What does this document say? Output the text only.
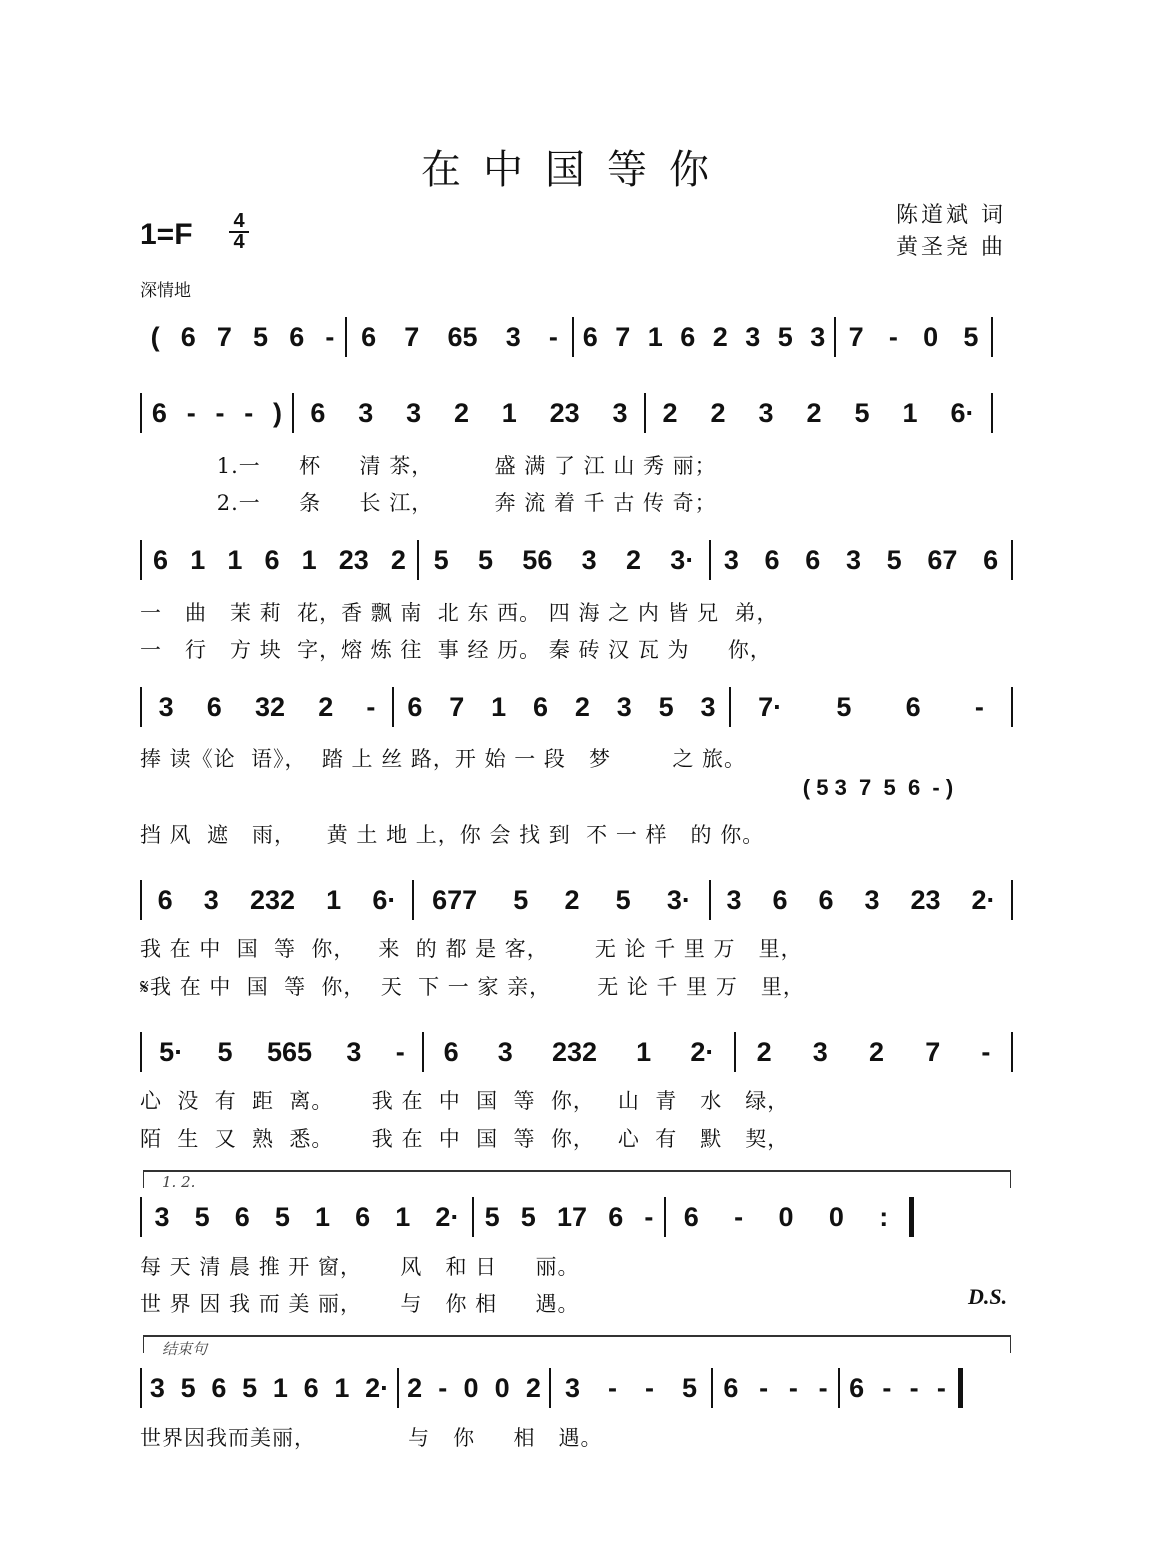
在中国等你
陈道斌 词
黄圣尧 曲
1=F 4
4
深情地
( 6 7 5 6 - 6 7 65 3 - 6 7 1 6 2 3 5 3 7 - 0 5
6 - - - ) 6 3 3 2 1 23 3 2 2 3 2 5 1 6·
1.一     杯     清 茶，        盛 满 了 江 山 秀 丽；
2.一     条     长 江，        奔 流 着 千 古 传 奇；
6 1 1 6 1 23 2 5 5 56 3 2 3· 3 6 6 3 5 67 6
一   曲   茉 莉  花，香 飘 南  北 东 西。 四 海 之 内 皆 兄  弟，
一   行   方 块  字，熔 炼 往  事 经 历。 秦 砖 汉 瓦 为     你，
3 6 32 2 - 6 7 1 6 2 3 5 3 7· 5 6 -
捧 读《论  语》，  踏 上 丝 路，开 始 一 段   梦        之 旅。
挡 风  遮   雨，    黄 土 地 上，你 会 找 到  不 一 样   的 你。
( 5 3  7  5  6  - )
6 3 232 1 6· 677 5 2 5 3· 3 6 6 3 23 2·
我 在 中  国  等  你，   来  的 都 是 客，      无 论 千 里 万   里，
𝄋我 在 中  国  等  你，  天  下 一 家 亲，      无 论 千 里 万   里，
5· 5 565 3 - 6 3 232 1 2· 2 3 2 7 -
心  没  有  距  离。     我 在  中  国  等  你，   山  青   水   绿，
陌  生  又  熟  悉。     我 在  中  国  等  你，   心  有   默   契，
1. 2.
3 5 6 5 1 6 1 2· 5 5 17 6 - 6 - 0 0 :
每 天 清 晨 推 开 窗，     风   和 日     丽。
世 界 因 我 而 美 丽，     与   你 相     遇。	D.S.
结束句
3 5 6 5 1 6 1 2· 2 - 0 0 2 3 - - 5 6 - - - 6 - - -
世界因我而美丽，            与   你     相   遇。
